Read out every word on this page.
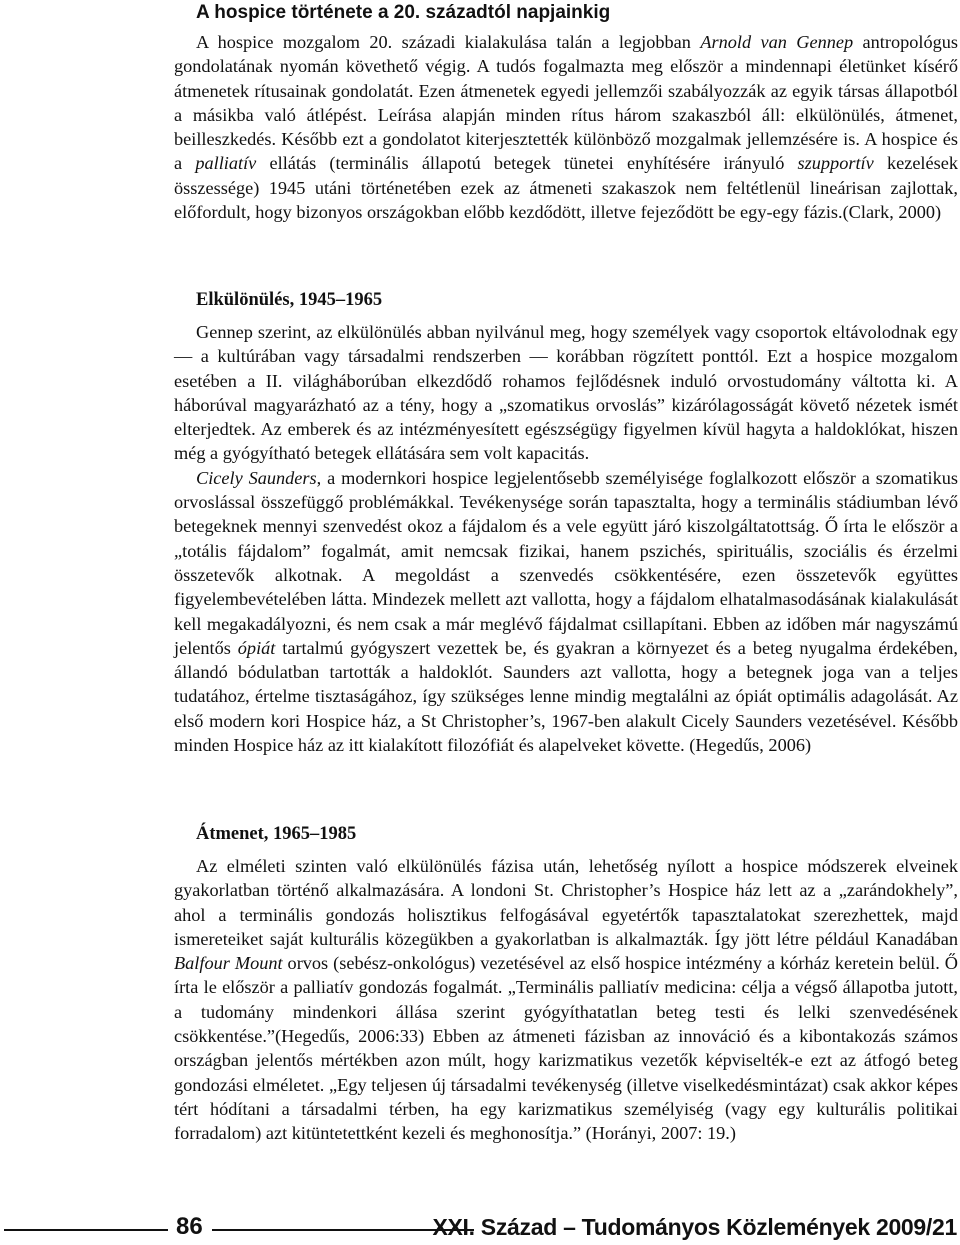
A hospice története a 20. századtól napjainkig

A hospice mozgalom 20. századi kialakulása talán a legjobban Arnold van Gennep antropológus gondolatának nyomán követhető végig. A tudós fogalmazta meg először a mindennapi életünket kísérő átmenetek rítusainak gondolatát. Ezen átmenetek egyedi jellemzői szabályozzák az egyik társas állapotból a másikba való átlépést. Leírása alapján minden rítus három szakaszból áll: elkülönülés, átmenet, beilleszkedés. Később ezt a gondolatot kiterjesztették különböző mozgalmak jellemzésére is. A hospice és a palliatív ellátás (terminális állapotú betegek tünetei enyhítésére irányuló szupportív kezelések összessége) 1945 utáni történetében ezek az átmeneti szakaszok nem feltétlenül lineárisan zajlottak, előfordult, hogy bizonyos országokban előbb kezdődött, illetve fejeződött be egy-egy fázis.(Clark, 2000)

Elkülönülés, 1945–1965

Gennep szerint, az elkülönülés abban nyilvánul meg, hogy személyek vagy csoportok eltávolodnak egy — a kultúrában vagy társadalmi rendszerben — korábban rögzített ponttól. Ezt a hospice mozgalom esetében a II. világháborúban elkezdődő rohamos fejlődésnek induló orvostudomány váltotta ki. A háborúval magyarázható az a tény, hogy a „szomatikus orvoslás” kizárólagosságát követő nézetek ismét elterjedtek. Az emberek és az intézményesített egészségügy figyelmen kívül hagyta a haldoklókat, hiszen még a gyógyítható betegek ellátására sem volt kapacitás.

Cicely Saunders, a modernkori hospice legjelentősebb személyisége foglalkozott először a szomatikus orvoslással összefüggő problémákkal. Tevékenysége során tapasztalta, hogy a terminális stádiumban lévő betegeknek mennyi szenvedést okoz a fájdalom és a vele együtt járó kiszolgáltatottság. Ő írta le először a „totális fájdalom” fogalmát, amit nemcsak fizikai, hanem pszichés, spirituális, szociális és érzelmi összetevők alkotnak. A megoldást a szenvedés csökkentésére, ezen összetevők együttes figyelembevételében látta. Mindezek mellett azt vallotta, hogy a fájdalom elhatalmasodásának kialakulását kell megakadályozni, és nem csak a már meglévő fájdalmat csillapítani. Ebben az időben már nagyszámú jelentős ópiát tartalmú gyógyszert vezettek be, és gyakran a környezet és a beteg nyugalma érdekében, állandó bódulatban tartották a haldoklót. Saunders azt vallotta, hogy a betegnek joga van a teljes tudatához, értelme tisztaságához, így szükséges lenne mindig megtalálni az ópiát optimális adagolását. Az első modern kori Hospice ház, a St Christopher’s, 1967-ben alakult Cicely Saunders vezetésével. Később minden Hospice ház az itt kialakított filozófiát és alapelveket követte. (Hegedűs, 2006)

Átmenet, 1965–1985

Az elméleti szinten való elkülönülés fázisa után, lehetőség nyílott a hospice módszerek elveinek gyakorlatban történő alkalmazására. A londoni St. Christopher’s Hospice ház lett az a „zarándokhely”, ahol a terminális gondozás holisztikus felfogásával egyetértők tapasztalatokat szerezhettek, majd ismereteiket saját kulturális közegükben a gyakorlatban is alkalmazták. Így jött létre például Kanadában Balfour Mount orvos (sebész-onkológus) vezetésével az első hospice intézmény a kórház keretein belül. Ő írta le először a palliatív gondozás fogalmát. „Terminális palliatív medicina: célja a végső állapotba jutott, a tudomány mindenkori állása szerint gyógyíthatatlan beteg testi és lelki szenvedésének csökkentése.”(Hegedűs, 2006:33) Ebben az átmeneti fázisban az innováció és a kibontakozás számos országban jelentős mértékben azon múlt, hogy karizmatikus vezetők képviselték-e ezt az átfogó beteg gondozási elméletet. „Egy teljesen új társadalmi tevékenység (illetve viselkedésmintázat) csak akkor képes tért hódítani a társadalmi térben, ha egy karizmatikus személyiség (vagy egy kulturális politikai forradalom) azt kitüntetettként kezeli és meghonosítja.” (Horányi, 2007: 19.)

86	XXI. Század – Tudományos Közlemények 2009/21
